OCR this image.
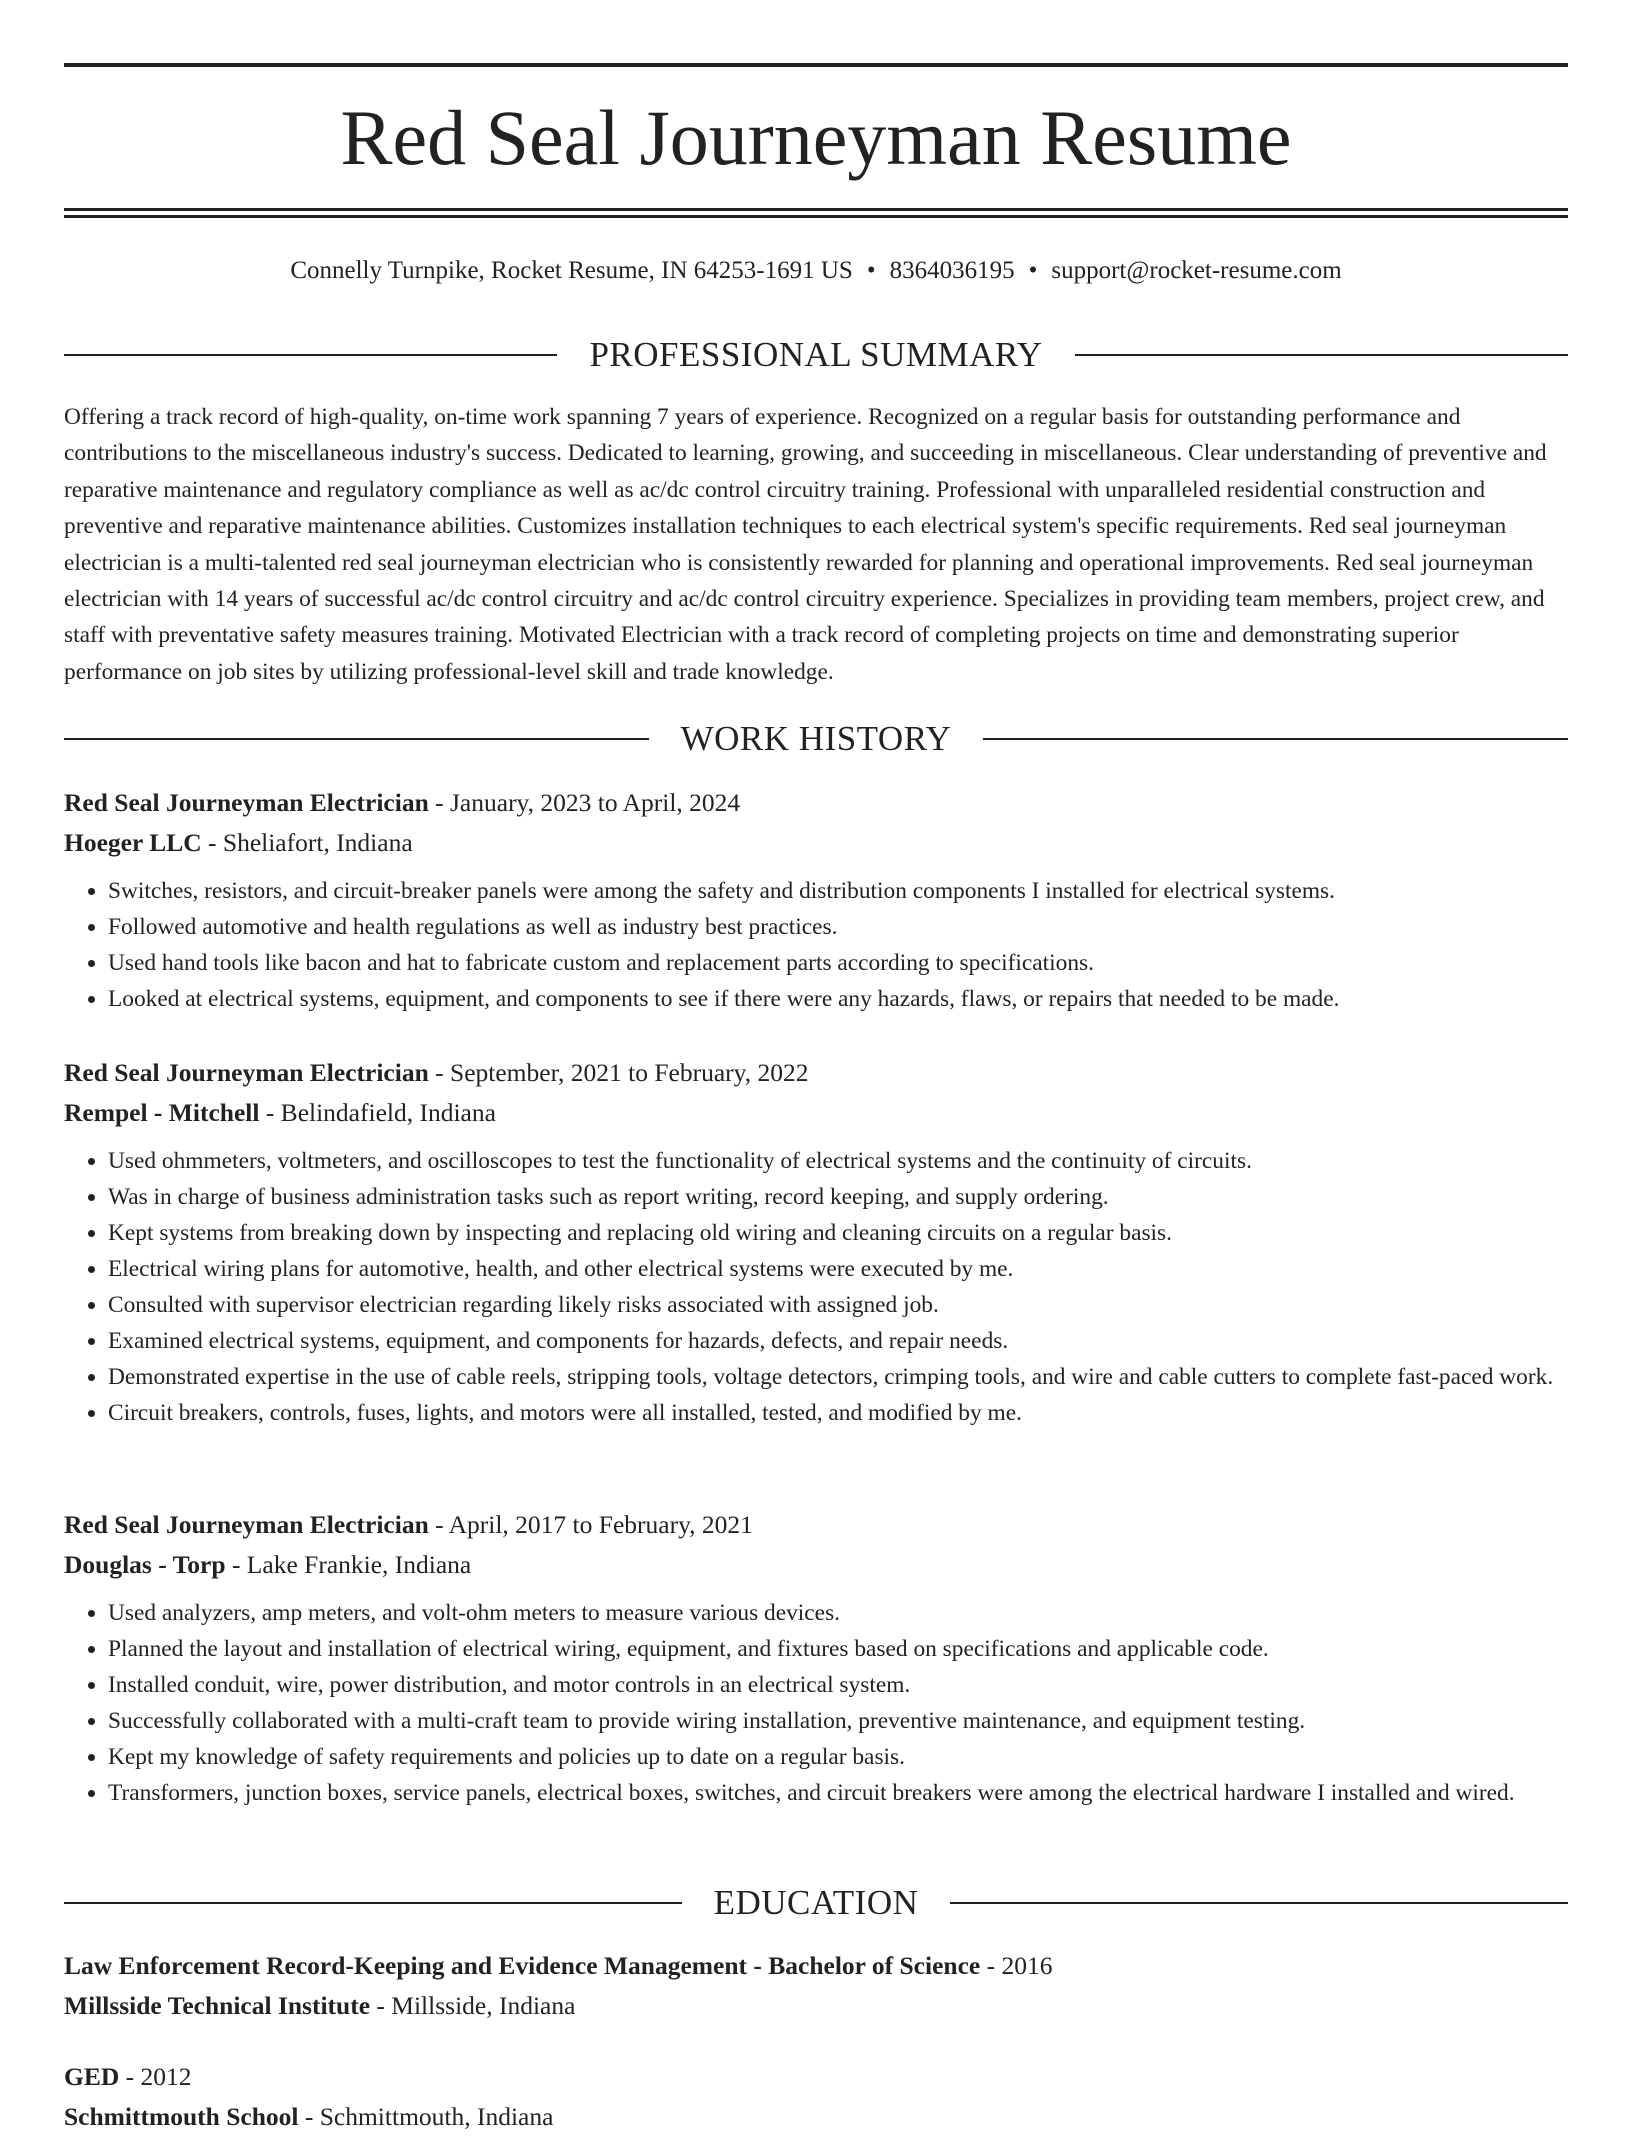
Red Seal Journeyman Resume
Connelly Turnpike, Rocket Resume, IN 64253-1691 US • 8364036195 • support@rocket-resume.com
PROFESSIONAL SUMMARY

Offering a track record of high-quality, on-time work spanning 7 years of experience. Recognized on a regular basis for outstanding performance and contributions to the miscellaneous industry's success. Dedicated to learning, growing, and succeeding in miscellaneous. Clear understanding of preventive and reparative maintenance and regulatory compliance as well as ac/dc control circuitry training. Professional with unparalleled residential construction and preventive and reparative maintenance abilities. Customizes installation techniques to each electrical system's specific requirements. Red seal journeyman electrician is a multi-talented red seal journeyman electrician who is consistently rewarded for planning and operational improvements. Red seal journeyman electrician with 14 years of successful ac/dc control circuitry and ac/dc control circuitry experience. Specializes in providing team members, project crew, and staff with preventative safety measures training. Motivated Electrician with a track record of completing projects on time and demonstrating superior performance on job sites by utilizing professional-level skill and trade knowledge.

WORK HISTORY
Red Seal Journeyman Electrician - January, 2023 to April, 2024
Hoeger LLC - Sheliafort, Indiana
• Switches, resistors, and circuit-breaker panels were among the safety and distribution components I installed for electrical systems.
• Followed automotive and health regulations as well as industry best practices.
• Used hand tools like bacon and hat to fabricate custom and replacement parts according to specifications.
• Looked at electrical systems, equipment, and components to see if there were any hazards, flaws, or repairs that needed to be made.
Red Seal Journeyman Electrician - September, 2021 to February, 2022
Rempel - Mitchell - Belindafield, Indiana
• Used ohmmeters, voltmeters, and oscilloscopes to test the functionality of electrical systems and the continuity of circuits.
• Was in charge of business administration tasks such as report writing, record keeping, and supply ordering.
• Kept systems from breaking down by inspecting and replacing old wiring and cleaning circuits on a regular basis.
• Electrical wiring plans for automotive, health, and other electrical systems were executed by me.
• Consulted with supervisor electrician regarding likely risks associated with assigned job.
• Examined electrical systems, equipment, and components for hazards, defects, and repair needs.
• Demonstrated expertise in the use of cable reels, stripping tools, voltage detectors, crimping tools, and wire and cable cutters to complete fast-paced work.
• Circuit breakers, controls, fuses, lights, and motors were all installed, tested, and modified by me.
Red Seal Journeyman Electrician - April, 2017 to February, 2021
Douglas - Torp - Lake Frankie, Indiana
• Used analyzers, amp meters, and volt-ohm meters to measure various devices.
• Planned the layout and installation of electrical wiring, equipment, and fixtures based on specifications and applicable code.
• Installed conduit, wire, power distribution, and motor controls in an electrical system.
• Successfully collaborated with a multi-craft team to provide wiring installation, preventive maintenance, and equipment testing.
• Kept my knowledge of safety requirements and policies up to date on a regular basis.
• Transformers, junction boxes, service panels, electrical boxes, switches, and circuit breakers were among the electrical hardware I installed and wired.
EDUCATION
Law Enforcement Record-Keeping and Evidence Management - Bachelor of Science - 2016
Millsside Technical Institute - Millsside, Indiana
GED - 2012
Schmittmouth School - Schmittmouth, Indiana
